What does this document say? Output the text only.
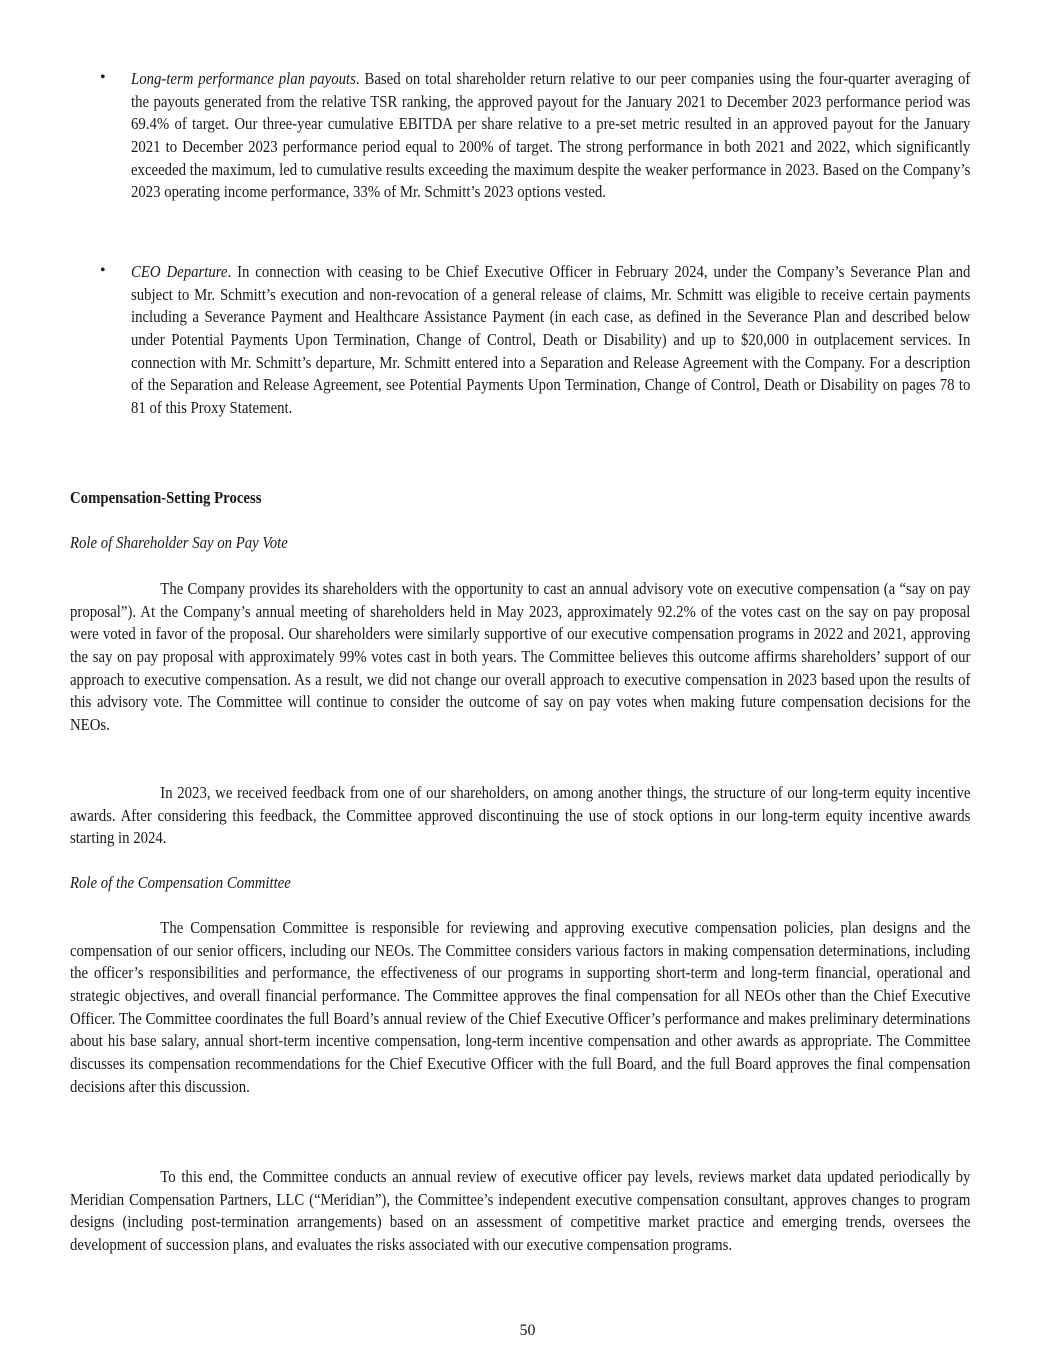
• Long-term performance plan payouts. Based on total shareholder return relative to our peer companies using the four-quarter averaging of the payouts generated from the relative TSR ranking, the approved payout for the January 2021 to December 2023 performance period was 69.4% of target. Our three-year cumulative EBITDA per share relative to a pre-set metric resulted in an approved payout for the January 2021 to December 2023 performance period equal to 200% of target. The strong performance in both 2021 and 2022, which significantly exceeded the maximum, led to cumulative results exceeding the maximum despite the weaker performance in 2023. Based on the Company’s 2023 operating income performance, 33% of Mr. Schmitt’s 2023 options vested.
• CEO Departure. In connection with ceasing to be Chief Executive Officer in February 2024, under the Company’s Severance Plan and subject to Mr. Schmitt’s execution and non-revocation of a general release of claims, Mr. Schmitt was eligible to receive certain payments including a Severance Payment and Healthcare Assistance Payment (in each case, as defined in the Severance Plan and described below under Potential Payments Upon Termination, Change of Control, Death or Disability) and up to $20,000 in outplacement services. In connection with Mr. Schmitt’s departure, Mr. Schmitt entered into a Separation and Release Agreement with the Company. For a description of the Separation and Release Agreement, see Potential Payments Upon Termination, Change of Control, Death or Disability on pages 78 to 81 of this Proxy Statement.
Compensation-Setting Process
Role of Shareholder Say on Pay Vote
The Company provides its shareholders with the opportunity to cast an annual advisory vote on executive compensation (a “say on pay proposal”). At the Company’s annual meeting of shareholders held in May 2023, approximately 92.2% of the votes cast on the say on pay proposal were voted in favor of the proposal. Our shareholders were similarly supportive of our executive compensation programs in 2022 and 2021, approving the say on pay proposal with approximately 99% votes cast in both years. The Committee believes this outcome affirms shareholders’ support of our approach to executive compensation. As a result, we did not change our overall approach to executive compensation in 2023 based upon the results of this advisory vote. The Committee will continue to consider the outcome of say on pay votes when making future compensation decisions for the NEOs.
In 2023, we received feedback from one of our shareholders, on among another things, the structure of our long-term equity incentive awards. After considering this feedback, the Committee approved discontinuing the use of stock options in our long-term equity incentive awards starting in 2024.
Role of the Compensation Committee
The Compensation Committee is responsible for reviewing and approving executive compensation policies, plan designs and the compensation of our senior officers, including our NEOs. The Committee considers various factors in making compensation determinations, including the officer’s responsibilities and performance, the effectiveness of our programs in supporting short-term and long-term financial, operational and strategic objectives, and overall financial performance. The Committee approves the final compensation for all NEOs other than the Chief Executive Officer. The Committee coordinates the full Board’s annual review of the Chief Executive Officer’s performance and makes preliminary determinations about his base salary, annual short-term incentive compensation, long-term incentive compensation and other awards as appropriate. The Committee discusses its compensation recommendations for the Chief Executive Officer with the full Board, and the full Board approves the final compensation decisions after this discussion.
To this end, the Committee conducts an annual review of executive officer pay levels, reviews market data updated periodically by Meridian Compensation Partners, LLC (“Meridian”), the Committee’s independent executive compensation consultant, approves changes to program designs (including post-termination arrangements) based on an assessment of competitive market practice and emerging trends, oversees the development of succession plans, and evaluates the risks associated with our executive compensation programs.
50
